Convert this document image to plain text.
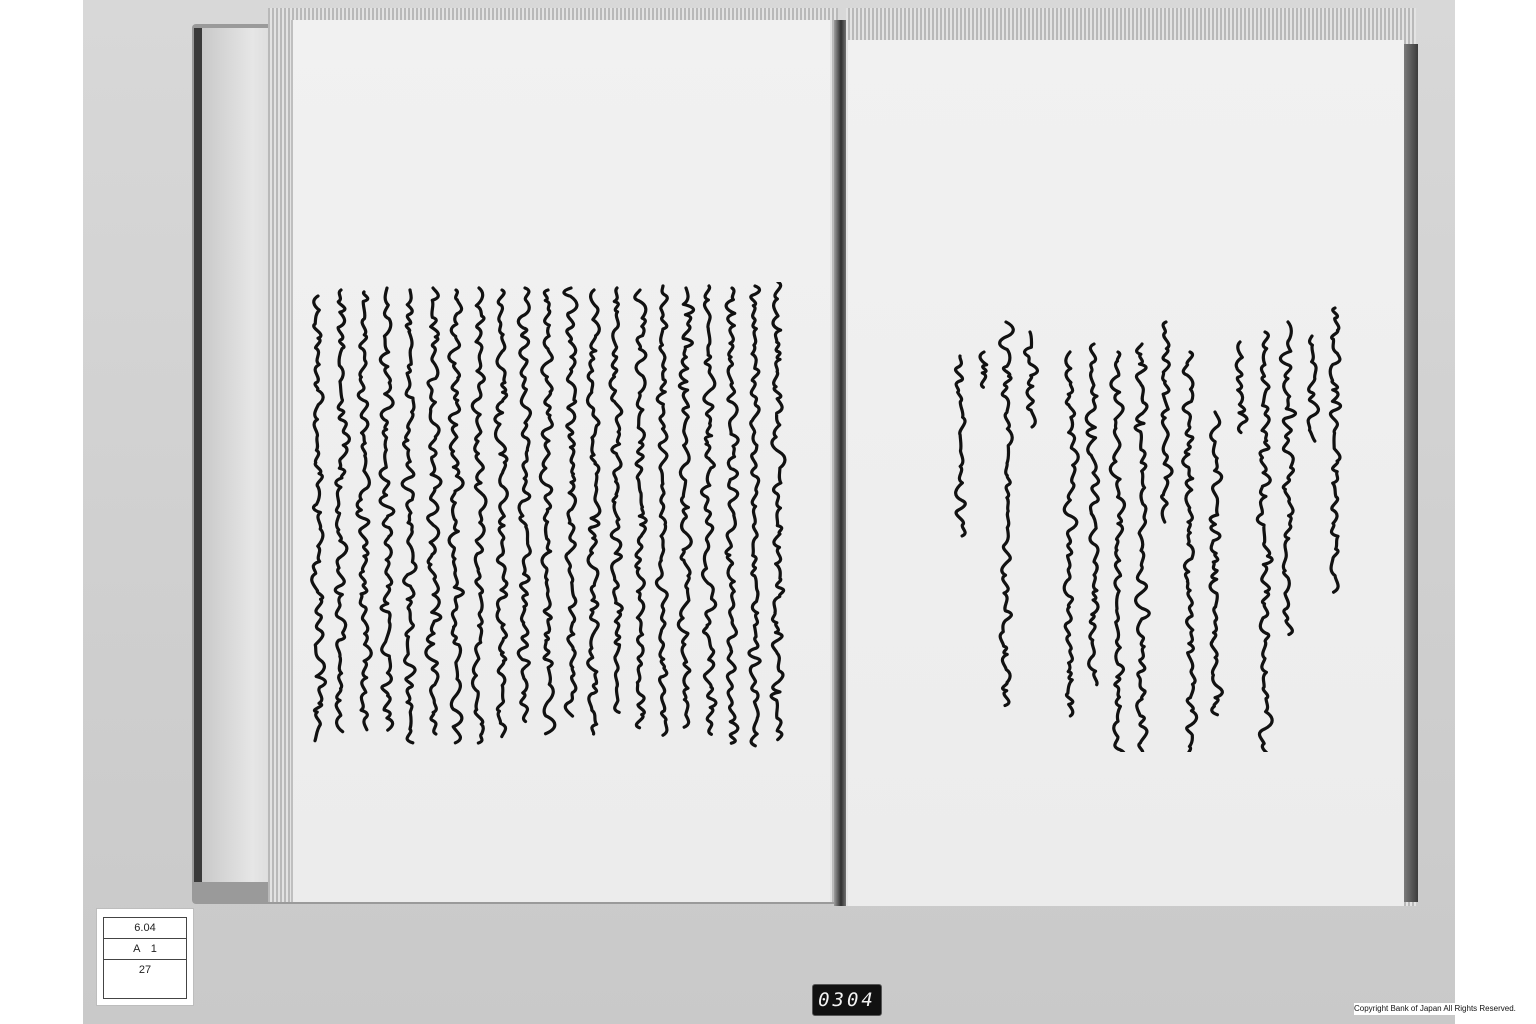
6.04
A　1
27
0304	Copyright Bank of Japan All Rights Reserved.
